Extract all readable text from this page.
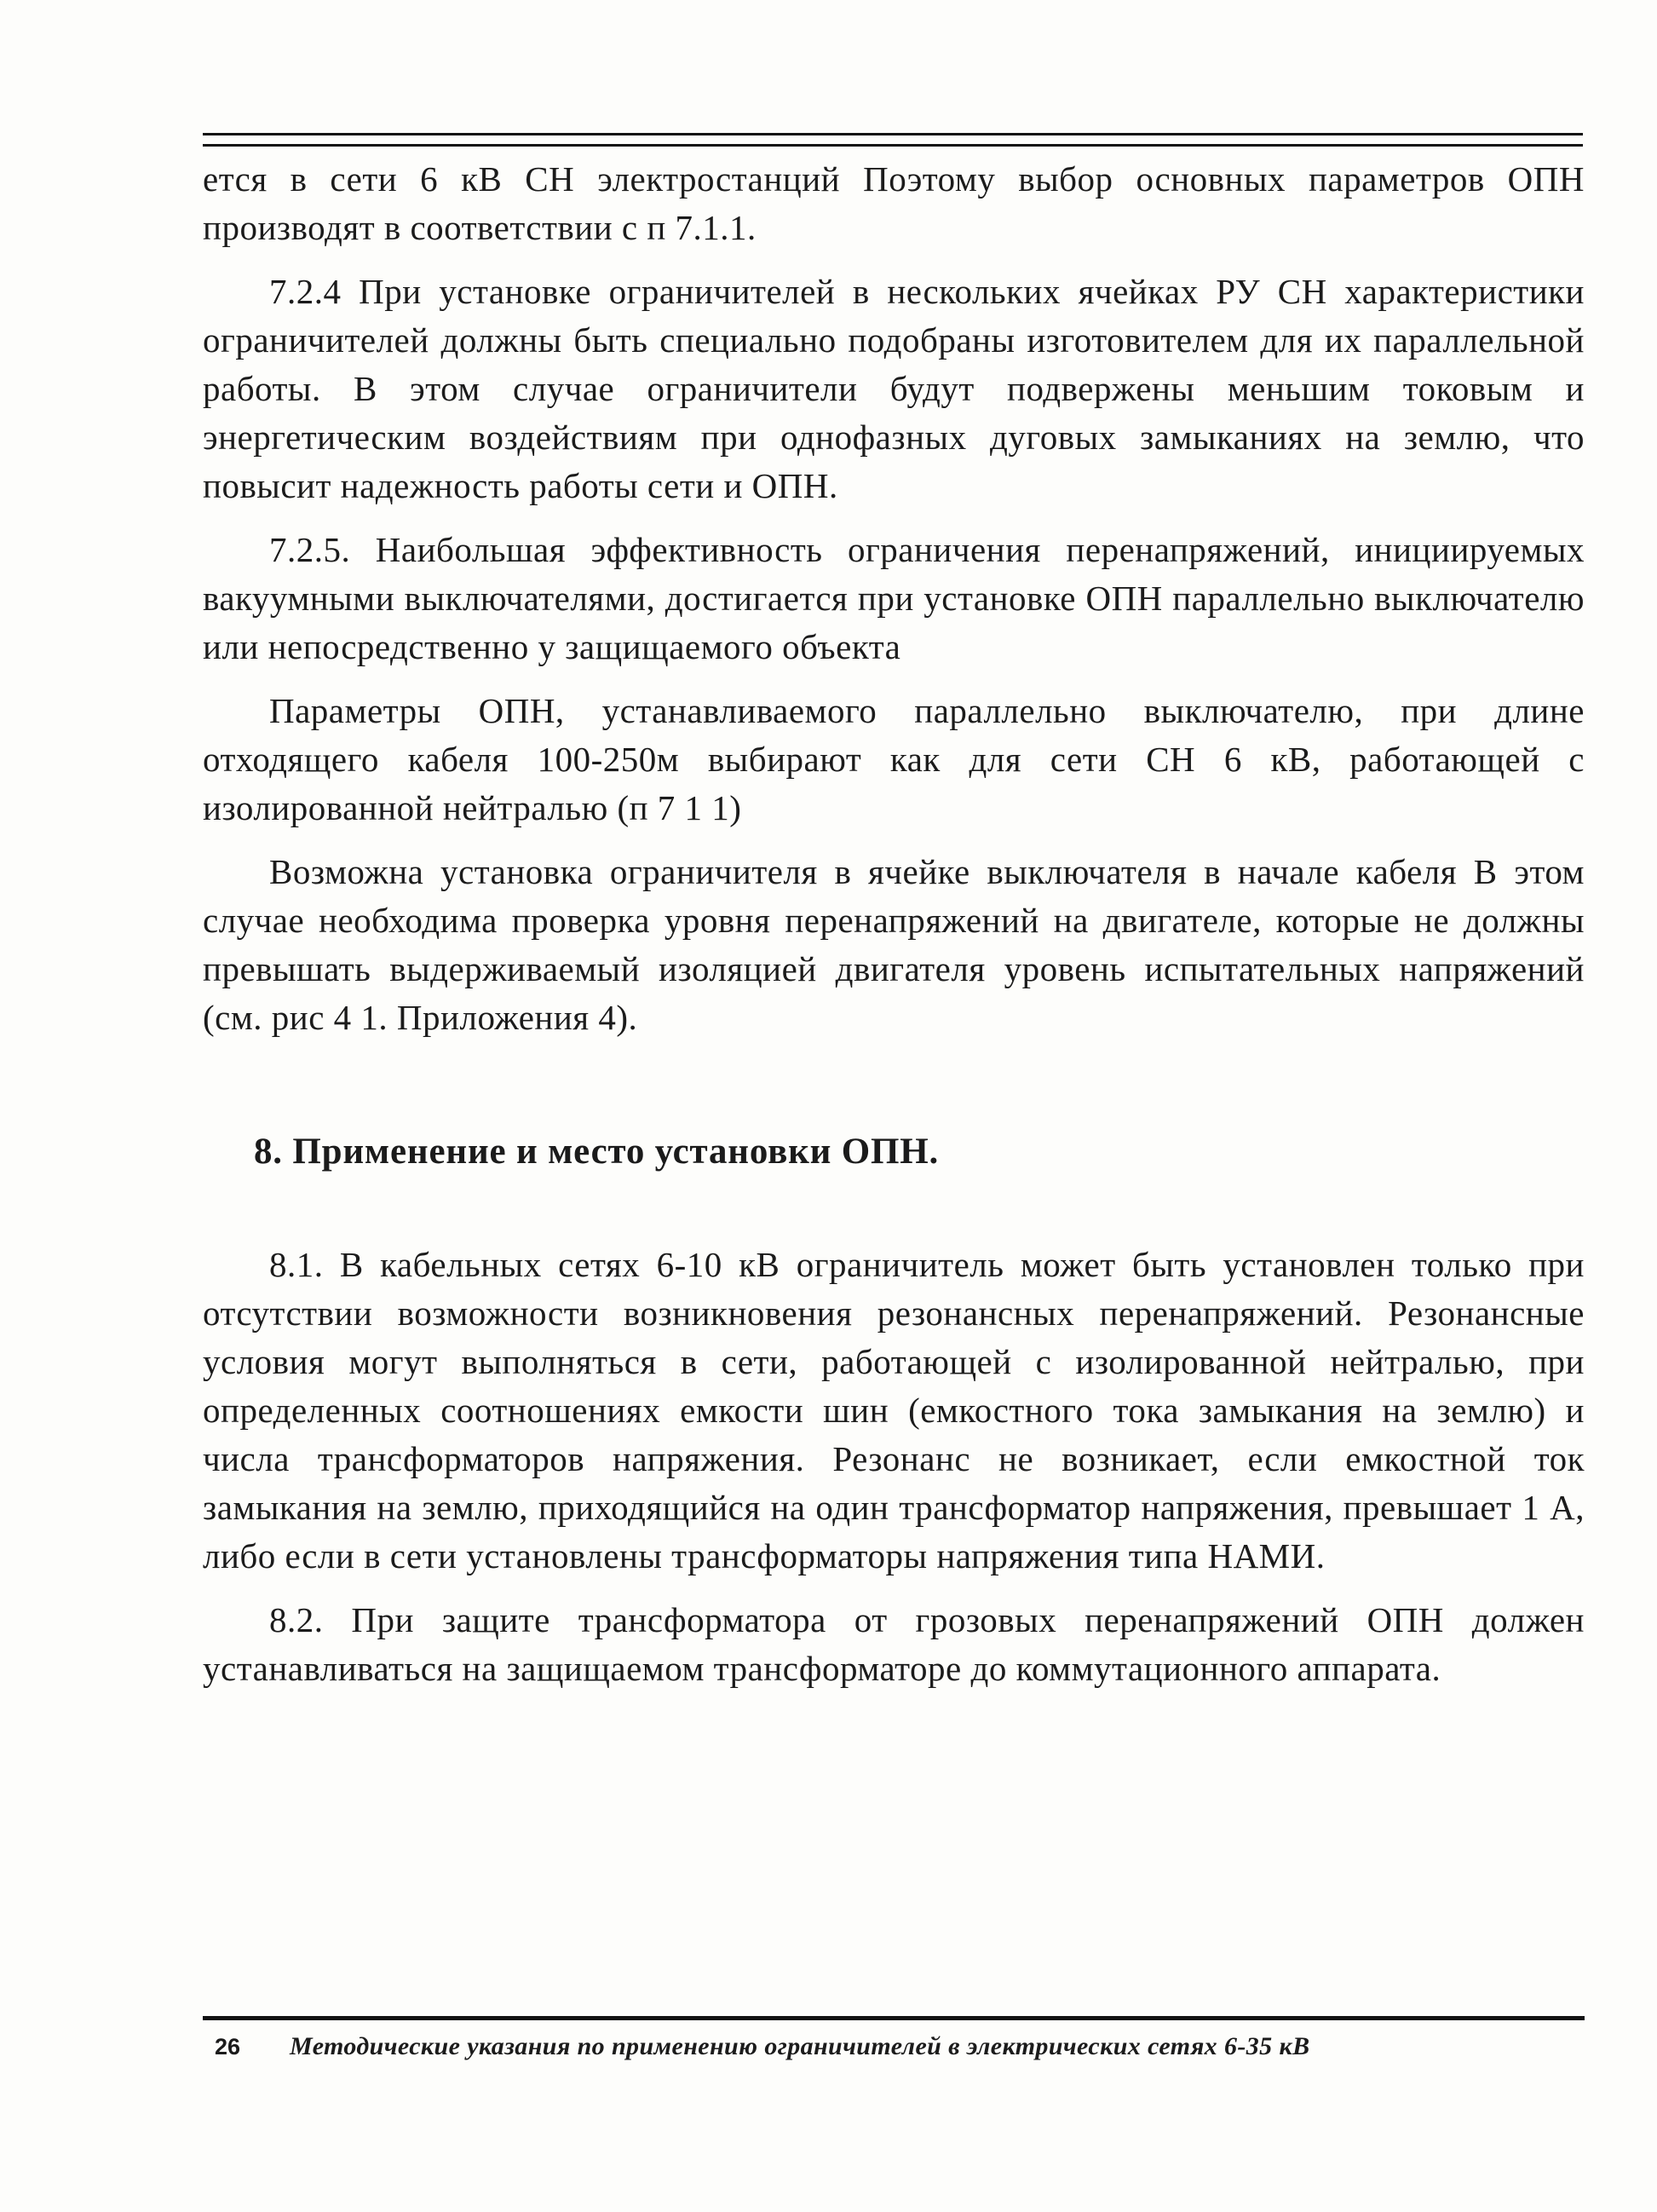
ется в сети 6 кВ СН электростанций Поэтому выбор основных параметров ОПН производят в соответствии с п 7.1.1.

7.2.4 При установке ограничителей в нескольких ячейках РУ СН характеристики ограничителей должны быть специально подобраны изготовителем для их параллельной работы. В этом случае ограничители будут подвержены меньшим токовым и энергетическим воздействиям при однофазных дуговых замыканиях на землю, что повысит надежность работы сети и ОПН.

7.2.5. Наибольшая эффективность ограничения перенапряжений, инициируемых вакуумными выключателями, достигается при установке ОПН параллельно выключателю или непосредственно у защищаемого объекта

Параметры ОПН, устанавливаемого параллельно выключателю, при длине отходящего кабеля 100-250м выбирают как для сети СН 6 кВ, работающей с изолированной нейтралью (п 7 1 1)

Возможна установка ограничителя в ячейке выключателя в начале кабеля В этом случае необходима проверка уровня перенапряжений на двигателе, которые не должны превышать выдерживаемый изоляцией двигателя уровень испытательных напряжений (см. рис 4 1. Приложения 4).

8. Применение и место установки ОПН.

8.1. В кабельных сетях 6-10 кВ ограничитель может быть установлен только при отсутствии возможности возникновения резонансных перенапряжений. Резонансные условия могут выполняться в сети, работающей с изолированной нейтралью, при определенных соотношениях емкости шин (емкостного тока замыкания на землю) и числа трансформаторов напряжения. Резонанс не возникает, если емкостной ток замыкания на землю, приходящийся на один трансформатор напряжения, превышает 1 А, либо если в сети установлены трансформаторы напряжения типа НАМИ.

8.2. При защите трансформатора от грозовых перенапряжений ОПН должен устанавливаться на защищаемом трансформаторе до коммутационного аппарата.

26 Методические указания по применению ограничителей в электрических сетях 6-35 кВ
